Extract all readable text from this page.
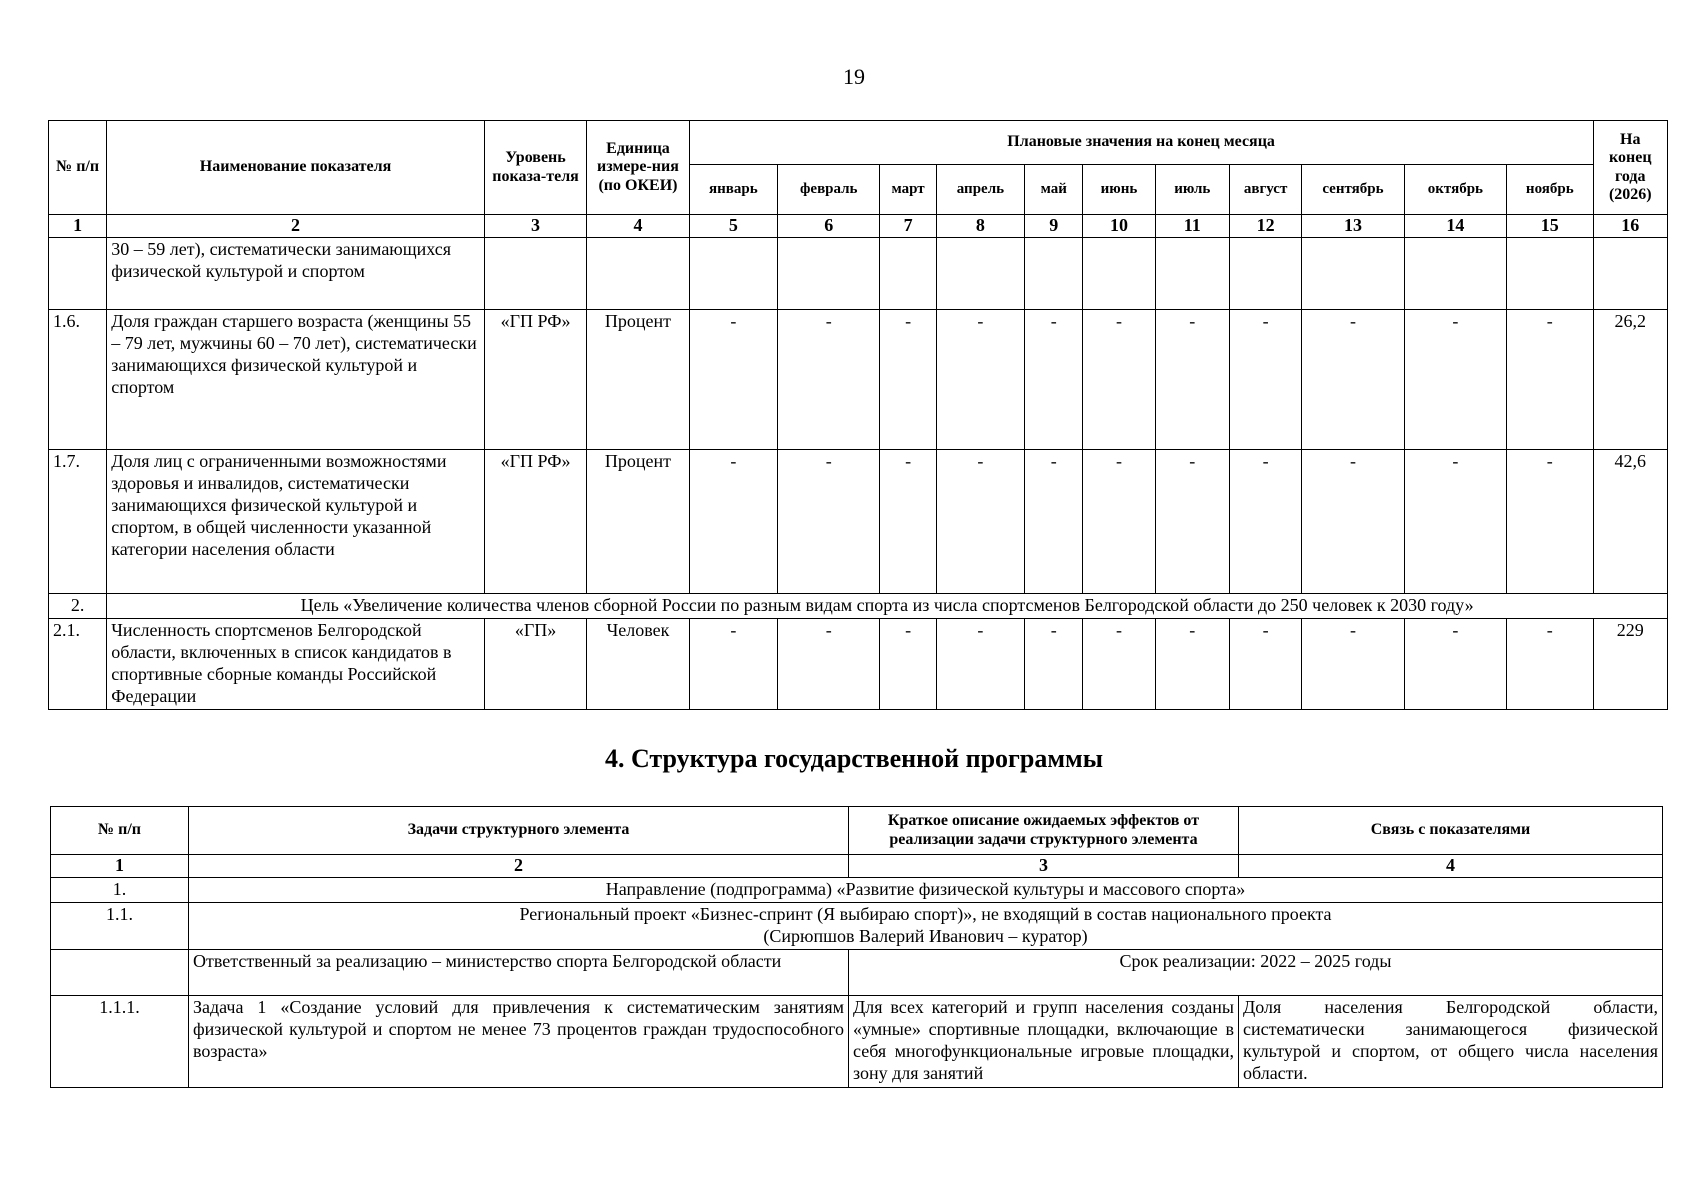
19
№ п/п	Наименование показателя	Уровень показа-теля	Единица измере-ния (по ОКЕИ)	Плановые значения на конец месяца											На конец года (2026)
				январь	февраль	март	апрель	май	июнь	июль	август	сентябрь	октябрь	ноябрь	
1	2	3	4	5	6	7	8	9	10	11	12	13	14	15	16
	30 – 59 лет), систематически занимающихся физической культурой и спортом														
1.6.	Доля граждан старшего возраста (женщины 55 – 79 лет, мужчины 60 – 70 лет), систематически занимающихся физической культурой и спортом	«ГП РФ»	Процент	-	-	-	-	-	-	-	-	-	-	-	26,2
1.7.	Доля лиц с ограниченными возможностями здоровья и инвалидов, систематически занимающихся физической культурой и спортом, в общей численности указанной категории населения области	«ГП РФ»	Процент	-	-	-	-	-	-	-	-	-	-	-	42,6
2.	Цель «Увеличение количества членов сборной России по разным видам спорта из числа спортсменов Белгородской области до 250 человек к 2030 году»														
2.1.	Численность спортсменов Белгородской области, включенных в список кандидатов в спортивные сборные команды Российской Федерации	«ГП»	Человек	-	-	-	-	-	-	-	-	-	-	-	229
4. Структура государственной программы
№ п/п	Задачи структурного элемента	Краткое описание ожидаемых эффектов от реализации задачи структурного элемента	Связь с показателями
1	2	3	4
1.	Направление (подпрограмма) «Развитие физической культуры и массового спорта»		
1.1.	Региональный проект «Бизнес-спринт (Я выбираю спорт)», не входящий в состав национального проекта
(Сирюпшов Валерий Иванович – куратор)		

	Ответственный за реализацию – министерство спорта Белгородской области	Срок реализации: 2022 – 2025 годы	
1.1.1.	Задача 1 «Создание условий для привлечения к систематическим занятиям физической культурой и спортом не менее 73 процентов граждан трудоспособного возраста»	Для всех категорий и групп населения созданы «умные» спортивные площадки, включающие в себя многофункциональные игровые площадки, зону для занятий	Доля населения Белгородской области, систематически занимающегося физической культурой и спортом, от общего числа населения области.
